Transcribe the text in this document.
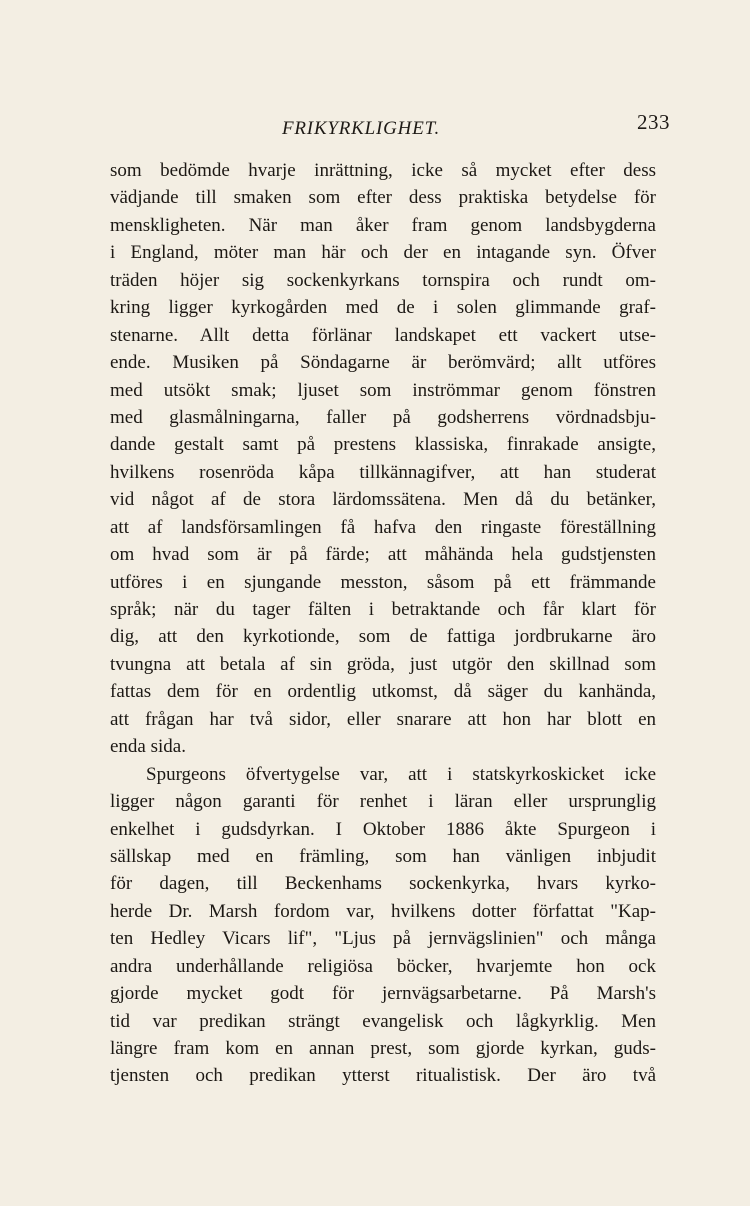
FRIKYRKLIGHET.	233
som bedömde hvarje inrättning, icke så mycket efter dess
vädjande till smaken som efter dess praktiska betydelse för
menskligheten. När man åker fram genom landsbygderna
i England, möter man här och der en intagande syn. Öfver
träden höjer sig sockenkyrkans tornspira och rundt om-
kring ligger kyrkogården med de i solen glimmande graf-
stenarne. Allt detta förlänar landskapet ett vackert utse-
ende. Musiken på Söndagarne är berömvärd; allt utföres
med utsökt smak; ljuset som inströmmar genom fönstren
med glasmålningarna, faller på godsherrens vördnadsbju-
dande gestalt samt på prestens klassiska, finrakade ansigte,
hvilkens rosenröda kåpa tillkännagifver, att han studerat
vid något af de stora lärdomssätena. Men då du betänker,
att af landsförsamlingen få hafva den ringaste föreställning
om hvad som är på färde; att måhända hela gudstjensten
utföres i en sjungande messton, såsom på ett främmande
språk; när du tager fälten i betraktande och får klart för
dig, att den kyrkotionde, som de fattiga jordbrukarne äro
tvungna att betala af sin gröda, just utgör den skillnad som
fattas dem för en ordentlig utkomst, då säger du kanhända,
att frågan har två sidor, eller snarare att hon har blott en
enda sida.
Spurgeons öfvertygelse var, att i statskyrkoskicket icke
ligger någon garanti för renhet i läran eller ursprunglig
enkelhet i gudsdyrkan. I Oktober 1886 åkte Spurgeon i
sällskap med en främling, som han vänligen inbjudit
för dagen, till Beckenhams sockenkyrka, hvars kyrko-
herde Dr. Marsh fordom var, hvilkens dotter författat "Kap-
ten Hedley Vicars lif", "Ljus på jernvägslinien" och många
andra underhållande religiösa böcker, hvarjemte hon ock
gjorde mycket godt för jernvägsarbetarne. På Marsh's
tid var predikan strängt evangelisk och lågkyrklig. Men
längre fram kom en annan prest, som gjorde kyrkan, guds-
tjensten och predikan ytterst ritualistisk. Der äro två
